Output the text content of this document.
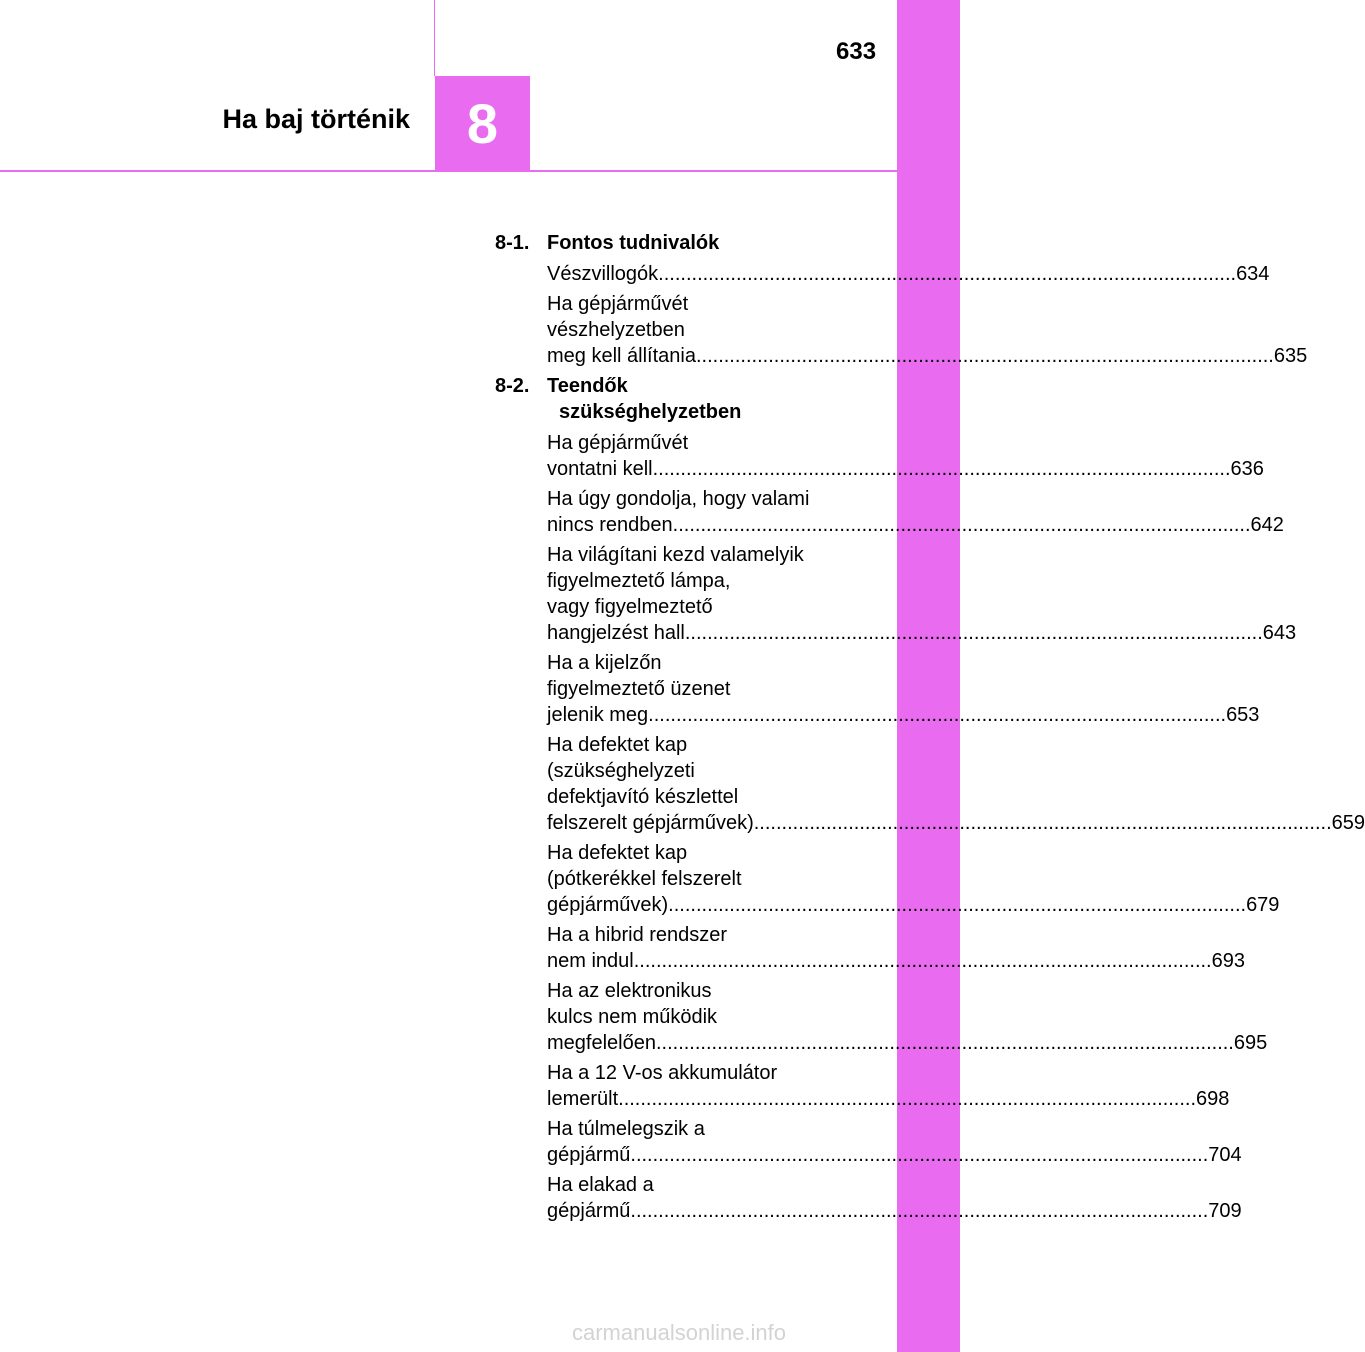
Ha baj történik	8
633
8-1. Fontos tudnivalók
Vészvillogók .....	634
Ha gépjárművét
vészhelyzetben
meg kell állítania .....	635
8-2. Teendők
szükséghelyzetben
Ha gépjárművét
vontatni kell .....	636
Ha úgy gondolja, hogy valami
nincs rendben .....	642
Ha világítani kezd valamelyik
figyelmeztető lámpa,
vagy figyelmeztető
hangjelzést hall .....	643
Ha a kijelzőn
figyelmeztető üzenet
jelenik meg .....	653
Ha defektet kap
(szükséghelyzeti
defektjavító készlettel
felszerelt gépjárművek) .....	659
Ha defektet kap
(pótkerékkel felszerelt
gépjárművek) .....	679
Ha a hibrid rendszer
nem indul .....	693
Ha az elektronikus
kulcs nem működik
megfelelően .....	695
Ha a 12 V-os akkumulátor
lemerült .....	698
Ha túlmelegszik a
gépjármű .....	704
Ha elakad a
gépjármű .....	709
carmanualsonline.info
